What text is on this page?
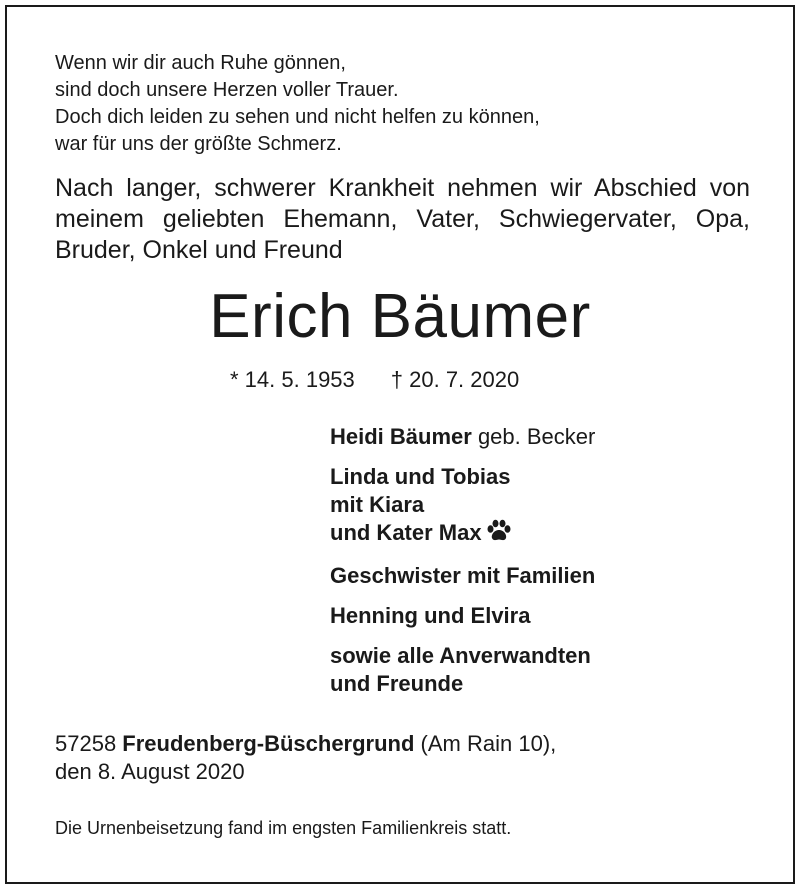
Wenn wir dir auch Ruhe gönnen,
sind doch unsere Herzen voller Trauer.
Doch dich leiden zu sehen und nicht helfen zu können,
war für uns der größte Schmerz.
Nach langer, schwerer Krankheit nehmen wir Abschied von
meinem geliebten Ehemann, Vater, Schwiegervater, Opa,
Bruder, Onkel und Freund
Erich Bäumer
* 14. 5. 1953 † 20. 7. 2020
Heidi Bäumer geb. Becker
Linda und Tobias
mit Kiara
und Kater Max
Geschwister mit Familien
Henning und Elvira
sowie alle Anverwandten
und Freunde
57258 Freudenberg-Büschergrund (Am Rain 10),
den 8. August 2020
Die Urnenbeisetzung fand im engsten Familienkreis statt.
